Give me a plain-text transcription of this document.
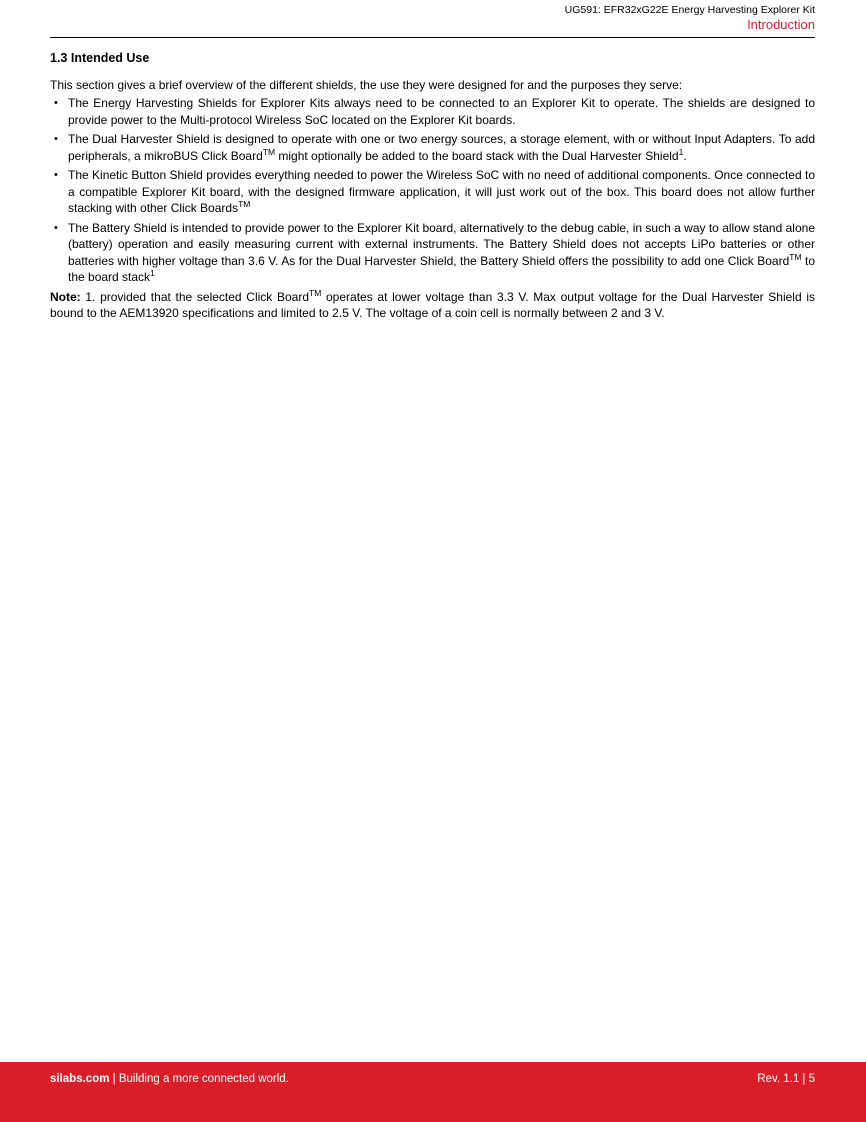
UG591: EFR32xG22E Energy Harvesting Explorer Kit
Introduction
1.3 Intended Use

This section gives a brief overview of the different shields, the use they were designed for and the purposes they serve:

• The Energy Harvesting Shields for Explorer Kits always need to be connected to an Explorer Kit to operate. The shields are designed to provide power to the Multi-protocol Wireless SoC located on the Explorer Kit boards.
• The Dual Harvester Shield is designed to operate with one or two energy sources, a storage element, with or without Input Adapters. To add peripherals, a mikroBUS Click Board™ might optionally be added to the board stack with the Dual Harvester Shield$^1$.
• The Kinetic Button Shield provides everything needed to power the Wireless SoC with no need of additional components. Once connected to a compatible Explorer Kit board, with the designed firmware application, it will just work out of the box. This board does not allow further stacking with other Click Boards™
• The Battery Shield is intended to provide power to the Explorer Kit board, alternatively to the debug cable, in such a way to allow stand alone (battery) operation and easily measuring current with external instruments. The Battery Shield does not accepts LiPo batteries or other batteries with higher voltage than 3.6 V. As for the Dual Harvester Shield, the Battery Shield offers the possibility to add one Click Board™ to the board stack$^1$

Note: 1. provided that the selected Click Board™ operates at lower voltage than 3.3 V. Max output voltage for the Dual Harvester Shield is bound to the AEM13920 specifications and limited to 2.5 V. The voltage of a coin cell is normally between 2 and 3 V.

silabs.com | Building a more connected world.	Rev. 1.1 | 5
